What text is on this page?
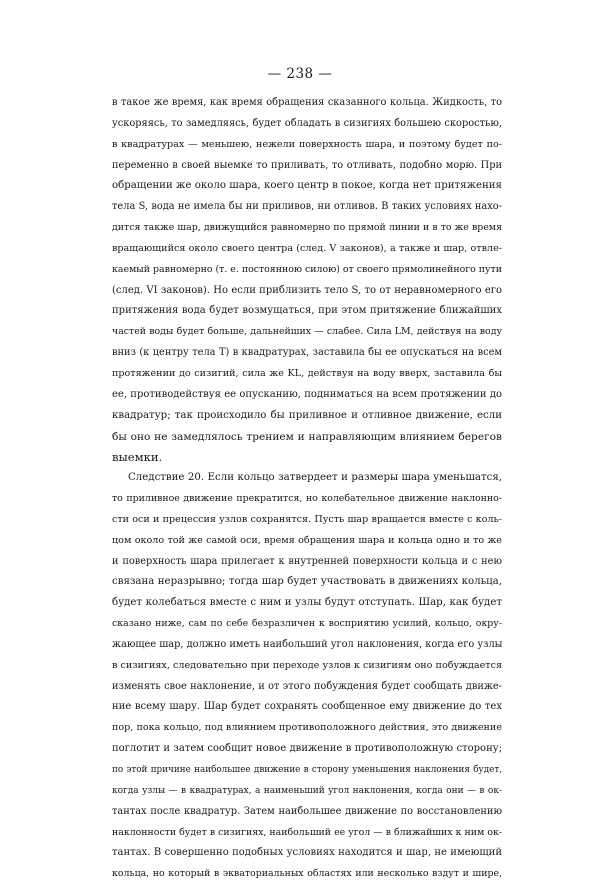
— 238 —
в такое же время, как время обращения сказанного кольца. Жидкость, то
ускоряясь, то замедляясь, будет обладать в сизигиях большею скоростью,
в квадратурах — меньшею, нежели поверхность шара, и поэтому будет по-
переменно в своей выемке то приливать, то отливать, подобно морю. При
обращении же около шара, коего центр в покое, когда нет притяжения
тела S, вода не имела бы ни приливов, ни отливов. В таких условиях нахо-
дится также шар, движущийся равномерно по прямой линии и в то же время
вращающийся около своего центра (след. V законов), а также и шар, отвле-
каемый равномерно (т. е. постоянною силою) от своего прямолинейного пути
(след. VI законов). Но если приблизить тело S, то от неравномерного его
притяжения вода будет возмущаться, при этом притяжение ближайших
частей воды будет больше, дальнейших — слабее. Сила LM, действуя на воду
вниз (к центру тела T) в квадратурах, заставила бы ее опускаться на всем
протяжении до сизигий, сила же KL, действуя на воду вверх, заставила бы
ее, противодействуя ее опусканию, подниматься на всем протяжении до
квадратур; так происходило бы приливное и отливное движение, если
бы оно не замедлялось трением и направляющим влиянием берегов
выемки.
Следствие 20. Если кольцо затвердеет и размеры шара уменьшатся,
то приливное движение прекратится, но колебательное движение наклонно-
сти оси и прецессия узлов сохранятся. Пусть шар вращается вместе с коль-
цом около той же самой оси, время обращения шара и кольца одно и то же
и поверхность шара прилегает к внутренней поверхности кольца и с нею
связана неразрывно; тогда шар будет участвовать в движениях кольца,
будет колебаться вместе с ним и узлы будут отступать. Шар, как будет
сказано ниже, сам по себе безразличен к восприятию усилий, кольцо, окру-
жающее шар, должно иметь наибольший угол наклонения, когда его узлы
в сизигиях, следовательно при переходе узлов к сизигиям оно побуждается
изменять свое наклонение, и от этого побуждения будет сообщать движе-
ние всему шару. Шар будет сохранять сообщенное ему движение до тех
пор, пока кольцо, под влиянием противоположного действия, это движение
поглотит и затем сообщит новое движение в противоположную сторону;
по этой причине наибольшее движение в сторону уменьшения наклонения будет,
когда узлы — в квадратурах, а наименьший угол наклонения, когда они — в ок-
тантах после квадратур. Затем наибольшее движение по восстановлению
наклонности будет в сизигиях, наибольший ее угол — в ближайших к ним ок-
тантах. В совершенно подобных условиях находится и шар, не имеющий
кольца, но который в экваториальных областях или несколько вздут и шире,
